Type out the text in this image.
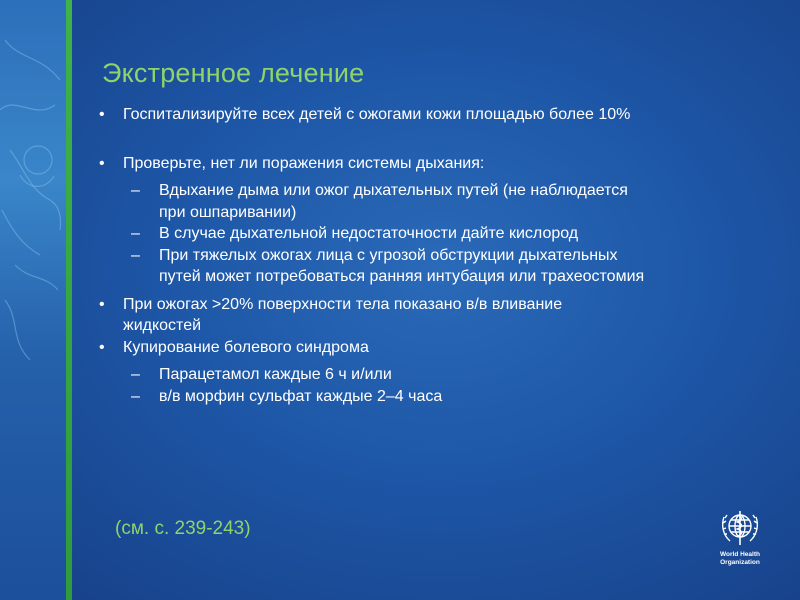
Экстренное лечение
• Госпитализируйте всех детей с ожогами кожи площадью более 10%
• Проверьте, нет ли поражения системы дыхания:
– Вдыхание дыма или ожог дыхательных путей (не наблюдается
при ошпаривании)
– В случае дыхательной недостаточности дайте кислород
– При тяжелых ожогах лица с угрозой обструкции дыхательных
путей может потребоваться ранняя интубация или трахеостомия
• При ожогах >20% поверхности тела показано в/в вливание
жидкостей
• Купирование болевого синдрома
– Парацетамол каждые 6 ч и/или
– в/в морфин сульфат каждые 2–4 часа
(см. с. 239-243)
World Health
Organization
